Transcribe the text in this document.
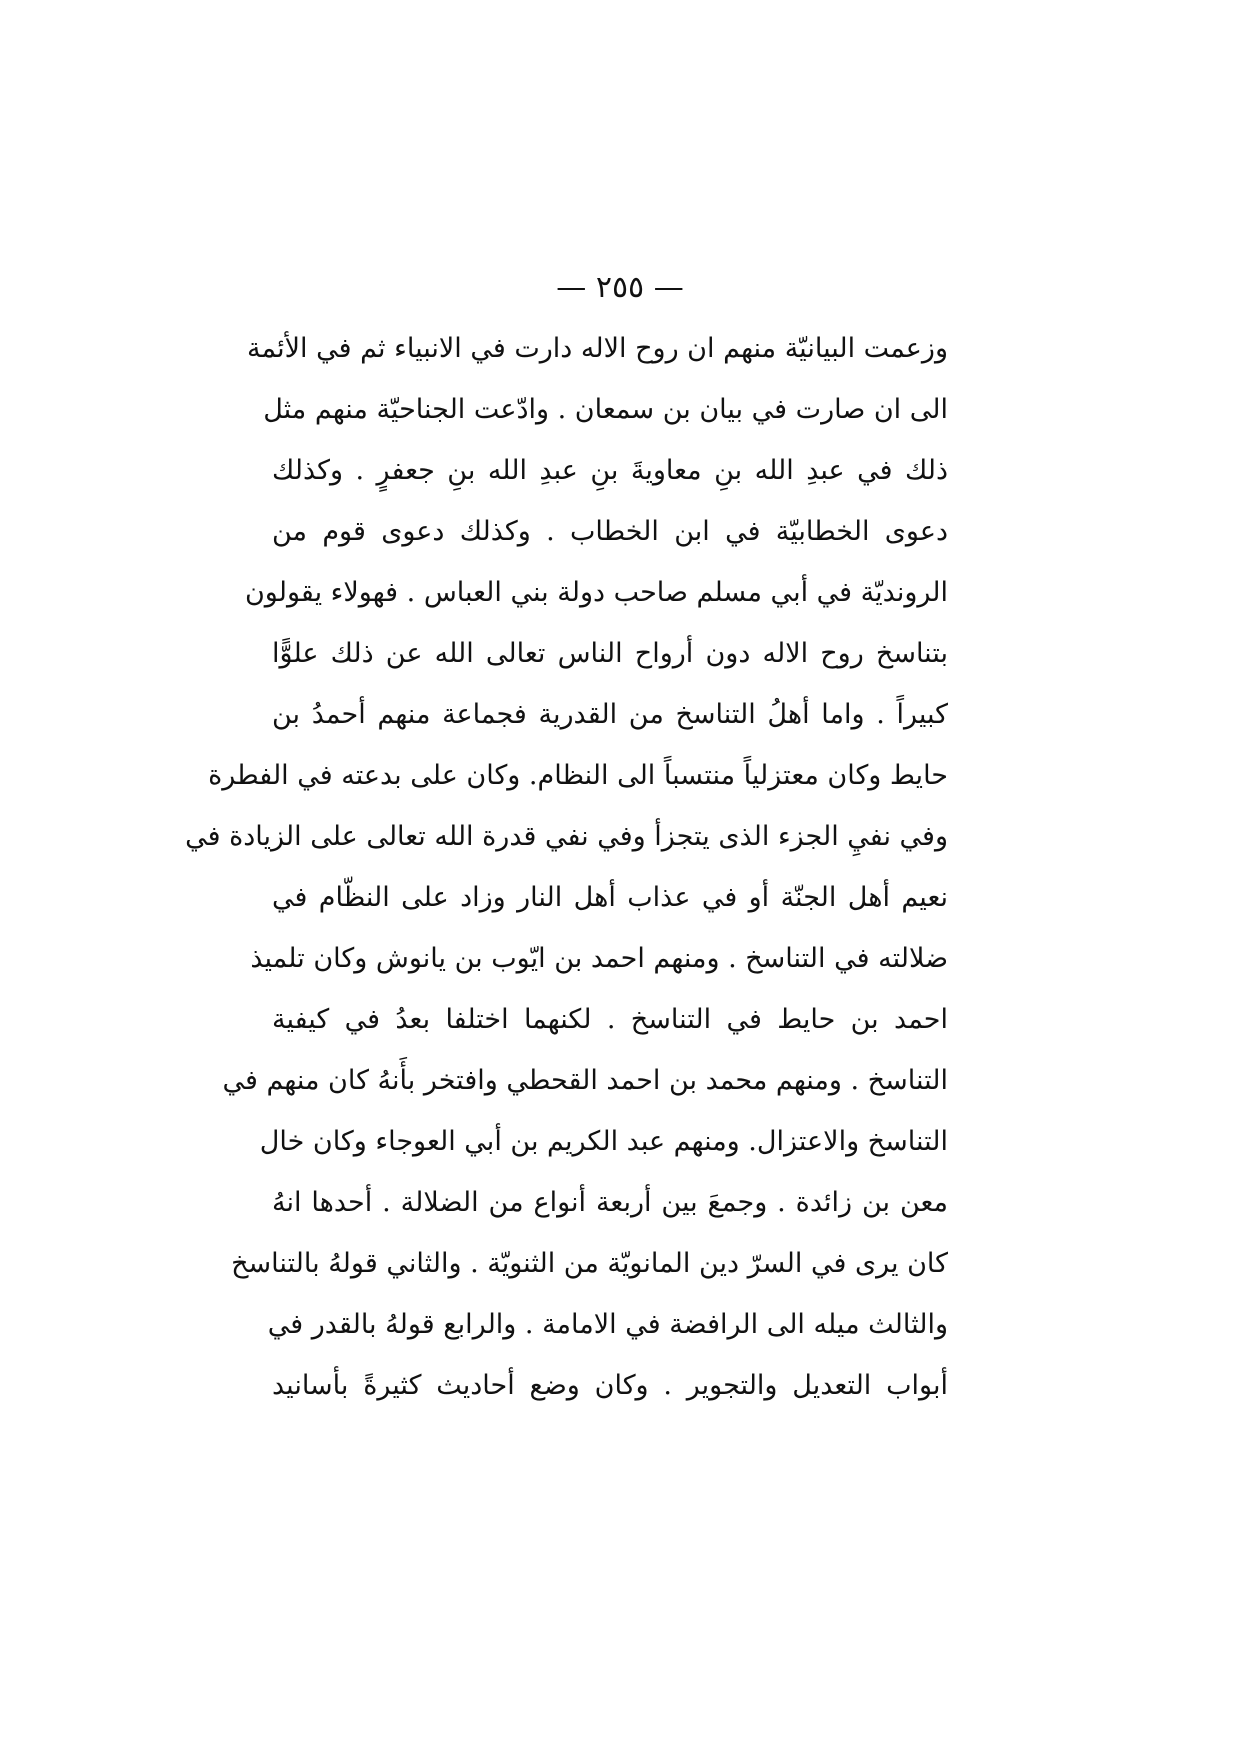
— ٢٥٥ —
وزعمت البيانيّة منهم ان روح الاله دارت في الانبياء ثم في الأئمة
الى ان صارت في بيان بن سمعان . وادّعت الجناحيّة منهم مثل
ذلك في عبدِ الله بنِ معاويةَ بنِ عبدِ الله بنِ جعفرٍ . وكذلك
دعوى الخطابيّة في ابن الخطاب . وكذلك دعوى قوم من
الرونديّة في أبي مسلم صاحب دولة بني العباس . فهولاء يقولون
بتناسخ روح الاله دون أرواح الناس تعالى الله عن ذلك علوًّا
كبيراً . واما أهلُ التناسخ من القدرية فجماعة منهم أحمدُ بن
حايط وكان معتزلياً منتسباً الى النظام. وكان على بدعته في الفطرة
وفي نفيِ الجزء الذى يتجزأ وفي نفي قدرة الله تعالى على الزيادة في
نعيم أهل الجنّة أو في عذاب أهل النار وزاد على النظّام في
ضلالته في التناسخ . ومنهم احمد بن ايّوب بن يانوش وكان تلميذ
احمد بن حايط في التناسخ . لكنهما اختلفا بعدُ في كيفية
التناسخ . ومنهم محمد بن احمد القحطي وافتخر بأَنهُ كان منهم في
التناسخ والاعتزال. ومنهم عبد الكريم بن أبي العوجاء وكان خال
معن بن زائدة . وجمعَ بين أربعة أنواع من الضلالة . أحدها انهُ
كان يرى في السرّ دين المانويّة من الثنويّة . والثاني قولهُ بالتناسخ
والثالث ميله الى الرافضة في الامامة . والرابع قولهُ بالقدر في
أبواب التعديل والتجوير . وكان وضع أحاديث كثيرةً بأسانيد
